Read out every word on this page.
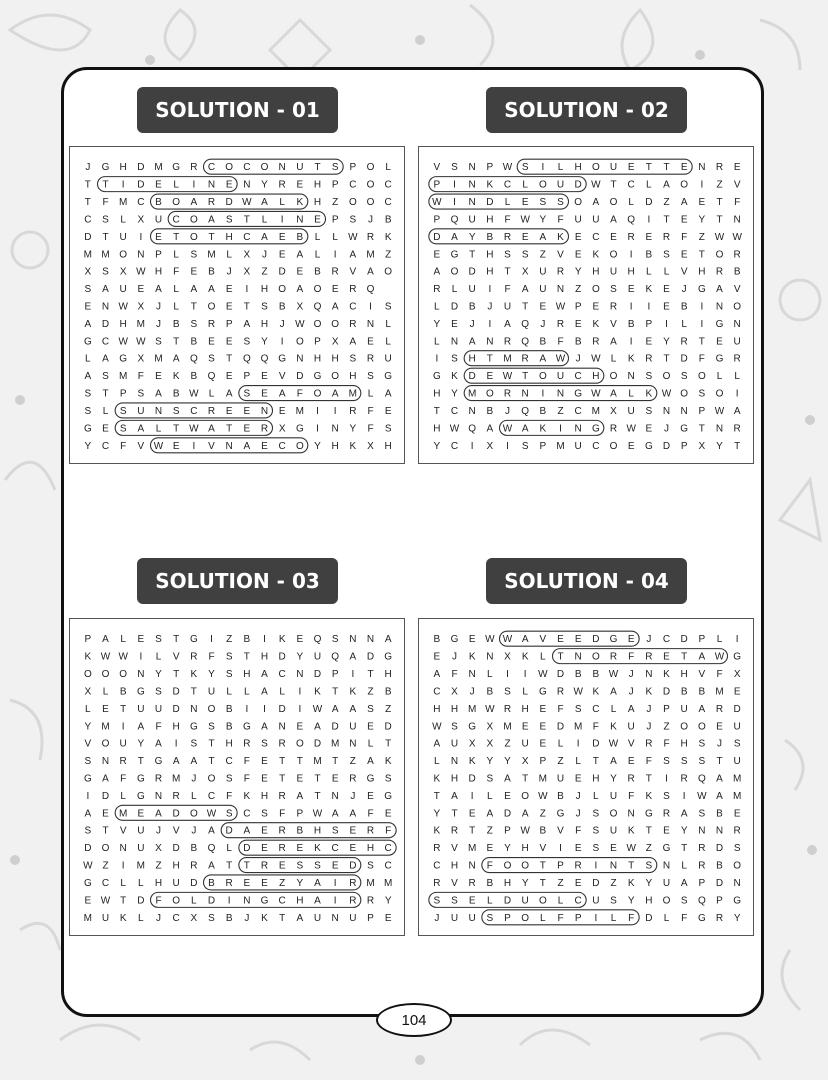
SOLUTION - 01	SOLUTION - 02
SOLUTION - 03	SOLUTION - 04
J G H D M G R C O C O N U T S P O L
T T I D E L I N E N Y R E H P C O C
T F M C B O A R D W A L K H Z O O C
C S L X U C O A S T L I N E P S J B
D T U I E T O T H C A E B L L W R K
M M O N P L S M L X J E A L I A M Z
X S X W H F E B J X Z D E B R V A O
S A U E A L A A E I H O A O E R Q
E N W X J L T O E T S B X Q A C I S
A D H M J B S R P A H J W O O R N L
G C W W S T B E E S Y I O P X A E L
L A G X M A Q S T Q Q G N H H S R U
A S M F E K B Q E P E V D G O H S G
S T P S A B W L A S E A F O A M L A
S L S U N S C R E E N E M I I R F E
G E S A L T W A T E R X G I N Y F S
Y C F V W E I V N A E C O Y H K X H
V S N P W S I L H O U E T T E N R E
P I N K C L O U D W T C L A O I Z V
W I N D L E S S O A O L D Z A E T F
P Q U H F W Y F U U A Q I T E Y T N
D A Y B R E A K E C E R E R F Z W W
E G T H S S Z V E K O I B S E T O R
A O D H T X U R Y H U H L L V H R B
R L U I F A U N Z O S E K E J G A V
L D B J U T E W P E R I I E B I N O
Y E J I A Q J R E K V B P I L I G N
L N A N R Q B F B R A I E Y R T E U
I S H T M R A W J W L K R T D F G R
G K D E W T O U C H O N S O S O L L
H Y M O R N I N G W A L K W O S O I
T C N B J Q B Z C M X U S N N P W A
H W Q A W A K I N G R W E J G T N R
Y C I X I S P M U C O E G D P X Y T
P A L E S T G I Z B I K E Q S N N A
K W W I L V R F S T H D Y U Q A D G
O O O N Y T K Y S H A C N D P I T H
X L B G S D T U L L A L I K T K Z B
L E T U U D N O B I I D I W A A S Z
Y M I A F H G S B G A N E A D U E D
V O U Y A I S T H R S R O D M N L T
S N R T G A A T C F E T T M T Z A K
G A F G R M J O S F E T E T E R G S
I D L G N R L C F K H R A T N J E G
A E M E A D O W S C S F P W A A F E
S T V U J V J A D A E R B H S E R F
D O N U X D B Q L D E R E K C E H C
W Z I M Z H R A T T R E S S E D S C
G C L L H U D B R E E Z Y A I R M M
E W T D F O L D I N G C H A I R R Y
M U K L J C X S B J K T A U N U P E
B G E W W A V E E D G E J C D P L I
E J K N X K L T N O R F R E T A W G
A F N L I I W D B B W J N K H V F X
C X J B S L G R W K A J K D B B M E
H H M W R H E F S C L A J P U A R D
W S G X M E E D M F K U J Z O O E U
A U X X Z U E L I D W V R F H S J S
L N K Y Y X P Z L T A E F S S S T U
K H D S A T M U E H Y R T I R Q A M
T A I L E O W B J L U F K S I W A M
Y T E A D A Z G J S O N G R A S B E
K R T Z P W B V F S U K T E Y N N R
R V M E Y H V I E S E W Z G T R D S
C H N F O O T P R I N T S N L R B O
R V R B H Y T Z E D Z K Y U A P D N
S S E L D U O L C U S Y H O S Q P G
J U U S P O L F P I L F D L F G R Y
104
